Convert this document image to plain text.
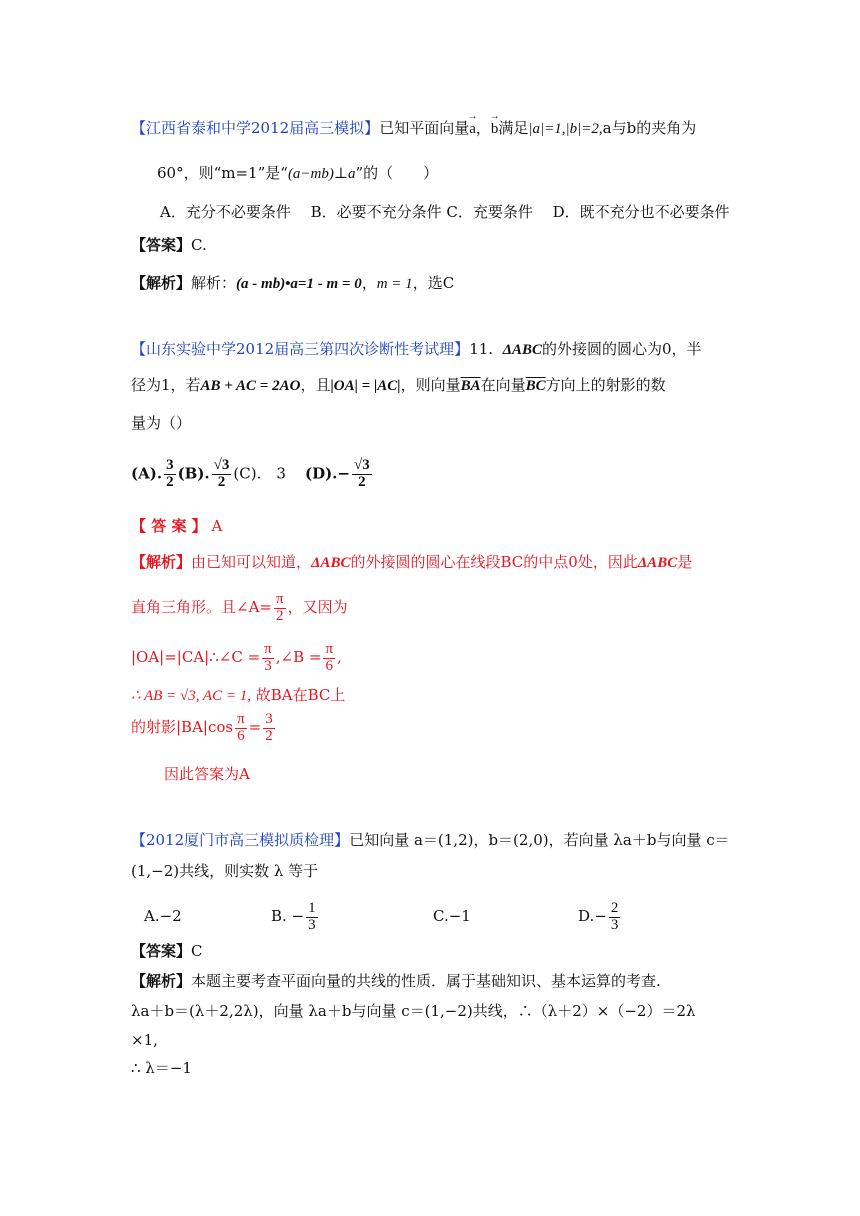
【江西省泰和中学2012届高三模拟】已知平面向量→ a，→ b满足|a|=1,|b|=2,a与b的夹角为
60°，则“m=1”是“(a−mb)⊥a”的（　　）
A．充分不必要条件　 B．必要不充分条件 C．充要条件　 D．既不充分也不必要条件
【答案】C.
【解析】解析：(a - mb)•a=1 - m = 0，m = 1，选C
【山东实验中学2012届高三第四次诊断性考试理】11. ΔABC的外接圆的圆心为0，半
径为1，若AB + AC = 2AO，且|OA| = |AC|，则向量$\overline{BA}$在向量$\overline{BC}$方向上的射影的数
量为（）
(A). $\frac{3}{2} (B)$. $\frac{√3}{2} (C)$.　3 $(D).- \frac{√3}{2}$
【 答 案 】 A
【解析】由已知可以知道，ΔABC的外接圆的圆心在线段BC的中点0处，因此ΔABC是
直角三角形。且∠A= $\frac{\pi}{2}$ ，又因为
|OA|=|CA|∴∠C = $\frac{\pi}{3}$ ,∠B = $\frac{\pi}{6}$ ,
∴ AB = √3, AC = 1, 故BA在BC上
的射影$|BA|\cos \frac{\pi}{6} = \frac{3}{2}$
因此答案为A
【2012厦门市高三模拟质检理】已知向量 a＝(1,2)，b＝(2,0)，若向量 λa＋b与向量 c＝
(1,−2)共线，则实数 λ 等于
A.−2	B. − $\frac{1}{3}$	C.−1	$D.- \frac{2}{3}$
【答案】C
【解析】本题主要考查平面向量的共线的性质．属于基础知识、基本运算的考查.
λa＋b＝(λ＋2,2λ)，向量 λa＋b与向量 c＝(1,−2)共线，∴（λ＋2）×（−2）＝2λ
×1,
∴ λ＝−1
